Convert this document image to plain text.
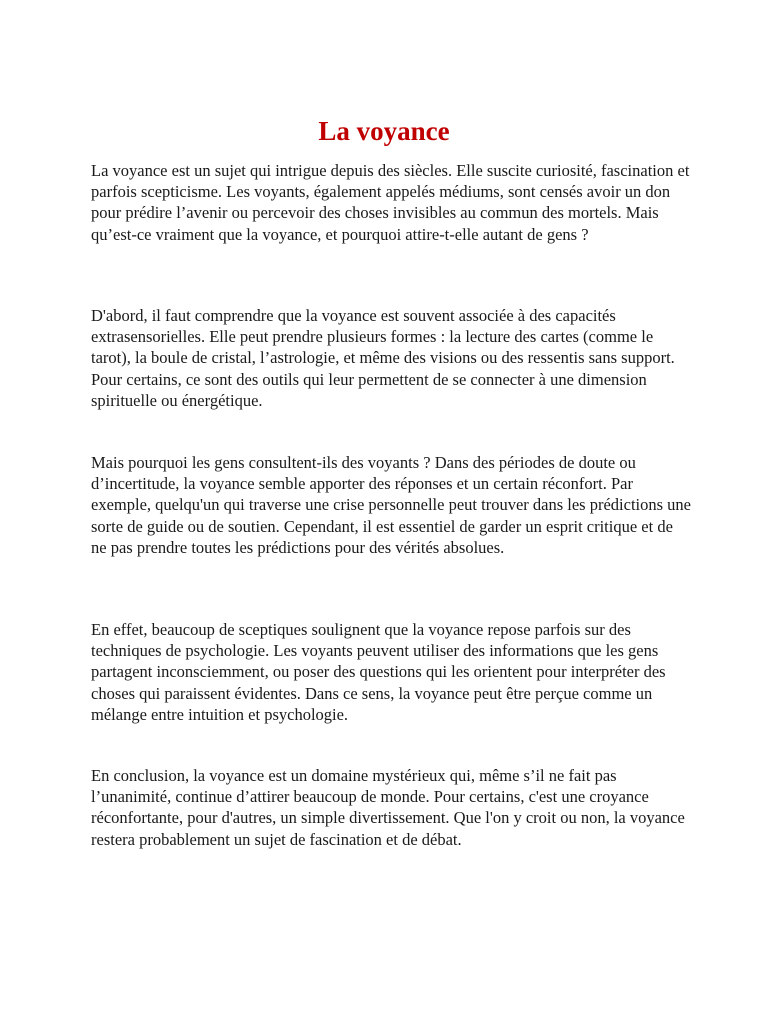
La voyance

La voyance est un sujet qui intrigue depuis des siècles. Elle suscite curiosité, fascination et parfois scepticisme. Les voyants, également appelés médiums, sont censés avoir un don pour prédire l’avenir ou percevoir des choses invisibles au commun des mortels. Mais qu’est-ce vraiment que la voyance, et pourquoi attire-t-elle autant de gens ?

D'abord, il faut comprendre que la voyance est souvent associée à des capacités extrasensorielles. Elle peut prendre plusieurs formes : la lecture des cartes (comme le tarot), la boule de cristal, l’astrologie, et même des visions ou des ressentis sans support. Pour certains, ce sont des outils qui leur permettent de se connecter à une dimension spirituelle ou énergétique.

Mais pourquoi les gens consultent-ils des voyants ? Dans des périodes de doute ou d’incertitude, la voyance semble apporter des réponses et un certain réconfort. Par exemple, quelqu'un qui traverse une crise personnelle peut trouver dans les prédictions une sorte de guide ou de soutien. Cependant, il est essentiel de garder un esprit critique et de ne pas prendre toutes les prédictions pour des vérités absolues.

En effet, beaucoup de sceptiques soulignent que la voyance repose parfois sur des techniques de psychologie. Les voyants peuvent utiliser des informations que les gens partagent inconsciemment, ou poser des questions qui les orientent pour interpréter des choses qui paraissent évidentes. Dans ce sens, la voyance peut être perçue comme un mélange entre intuition et psychologie.

En conclusion, la voyance est un domaine mystérieux qui, même s’il ne fait pas l’unanimité, continue d’attirer beaucoup de monde. Pour certains, c'est une croyance réconfortante, pour d'autres, un simple divertissement. Que l'on y croit ou non, la voyance restera probablement un sujet de fascination et de débat.
